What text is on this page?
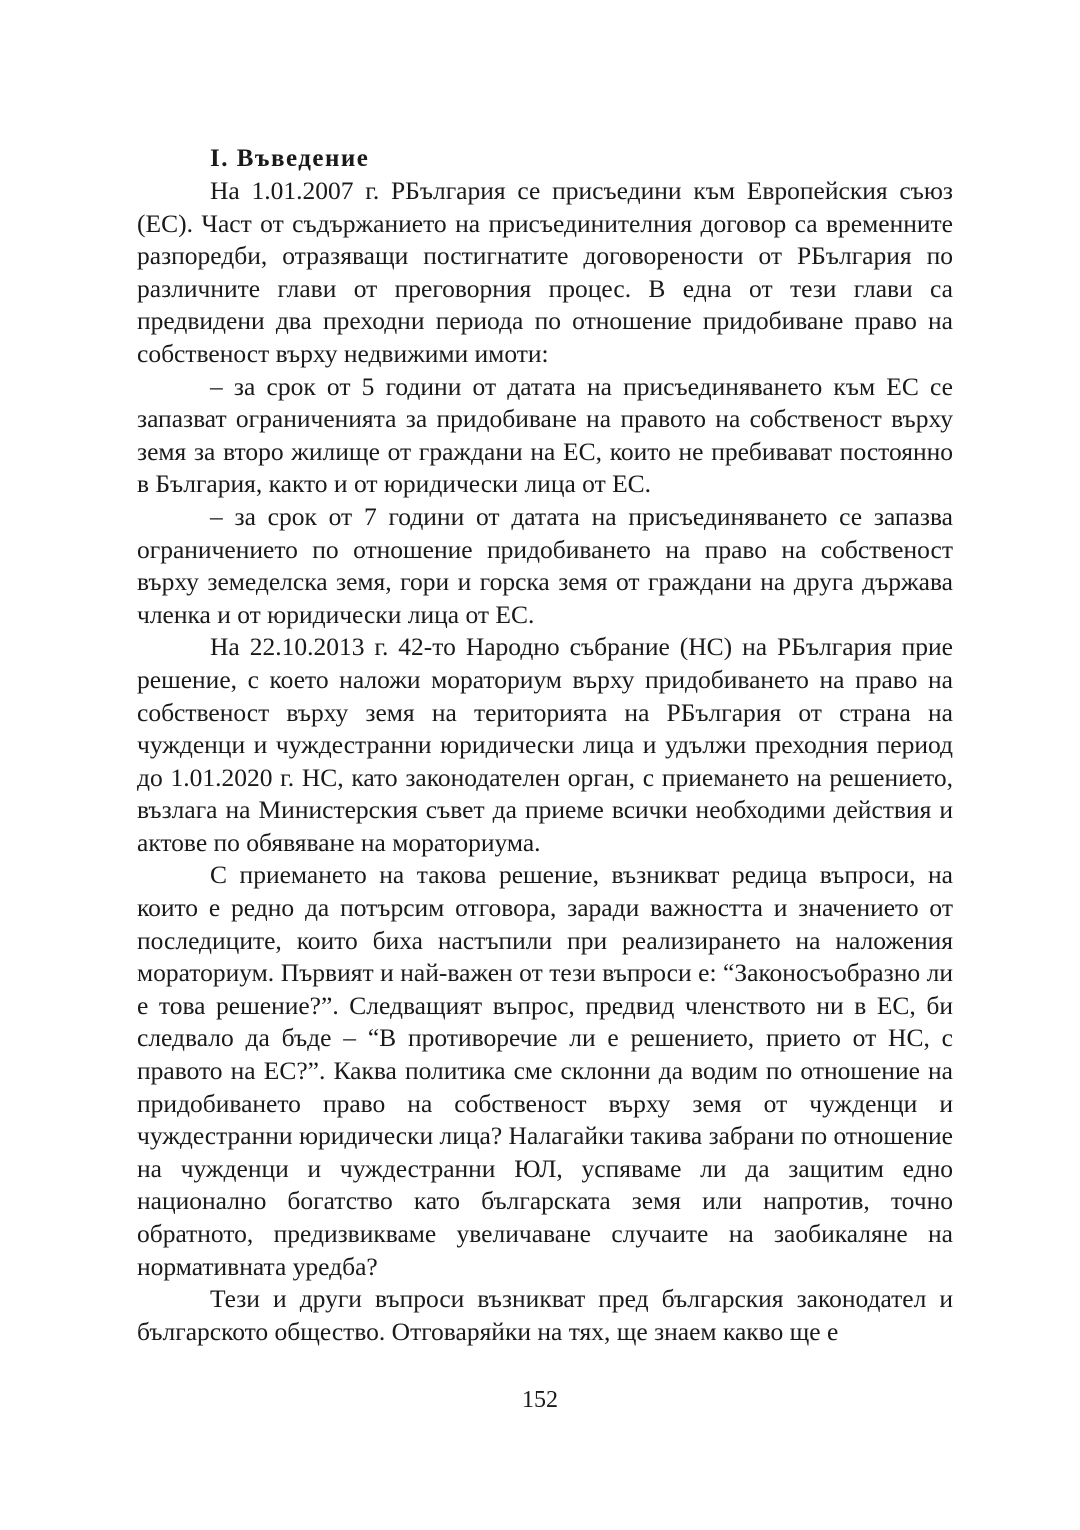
I. Въведение

На 1.01.2007 г. РБългария се присъедини към Европейския съюз (ЕС). Част от съдържанието на присъединителния договор са временните разпоредби, отразяващи постигнатите договорености от РБългария по различните глави от преговорния процес. В една от тези глави са предвидени два преходни периода по отношение придобиване право на собственост върху недвижими имоти:

– за срок от 5 години от датата на присъединяването към ЕС се запазват ограниченията за придобиване на правото на собственост върху земя за второ жилище от граждани на ЕС, които не пребивават постоянно в България, както и от юридически лица от ЕС.

– за срок от 7 години от датата на присъединяването се запазва ограничението по отношение придобиването на право на собственост върху земеделска земя, гори и горска земя от граждани на друга държава членка и от юридически лица от ЕС.

На 22.10.2013 г. 42-то Народно събрание (НС) на РБългария прие решение, с което наложи мораториум върху придобиването на право на собственост върху земя на територията на РБългария от страна на чужденци и чуждестранни юридически лица и удължи преходния период до 1.01.2020 г. НС, като законодателен орган, с приемането на решението, възлага на Министерския съвет да приеме всички необходими действия и актове по обявяване на мораториума.

С приемането на такова решение, възникват редица въпроси, на които е редно да потърсим отговора, заради важността и значението от последиците, които биха настъпили при реализирането на наложения мораториум. Първият и най-важен от тези въпроси е: “Законосъобразно ли е това решение?”. Следващият въпрос, предвид членството ни в ЕС, би следвало да бъде – “В противоречие ли е решението, прието от НС, с правото на ЕС?”. Каква политика сме склонни да водим по отношение на придобиването право на собственост върху земя от чужденци и чуждестранни юридически лица? Налагайки такива забрани по отношение на чужденци и чуждестранни ЮЛ, успяваме ли да защитим едно национално богатство като българската земя или напротив, точно обратното, предизвикваме увеличаване случаите на заобикаляне на нормативната уредба?

Тези и други въпроси възникват пред българския законодател и българското общество. Отговаряйки на тях, ще знаем какво ще е

152
